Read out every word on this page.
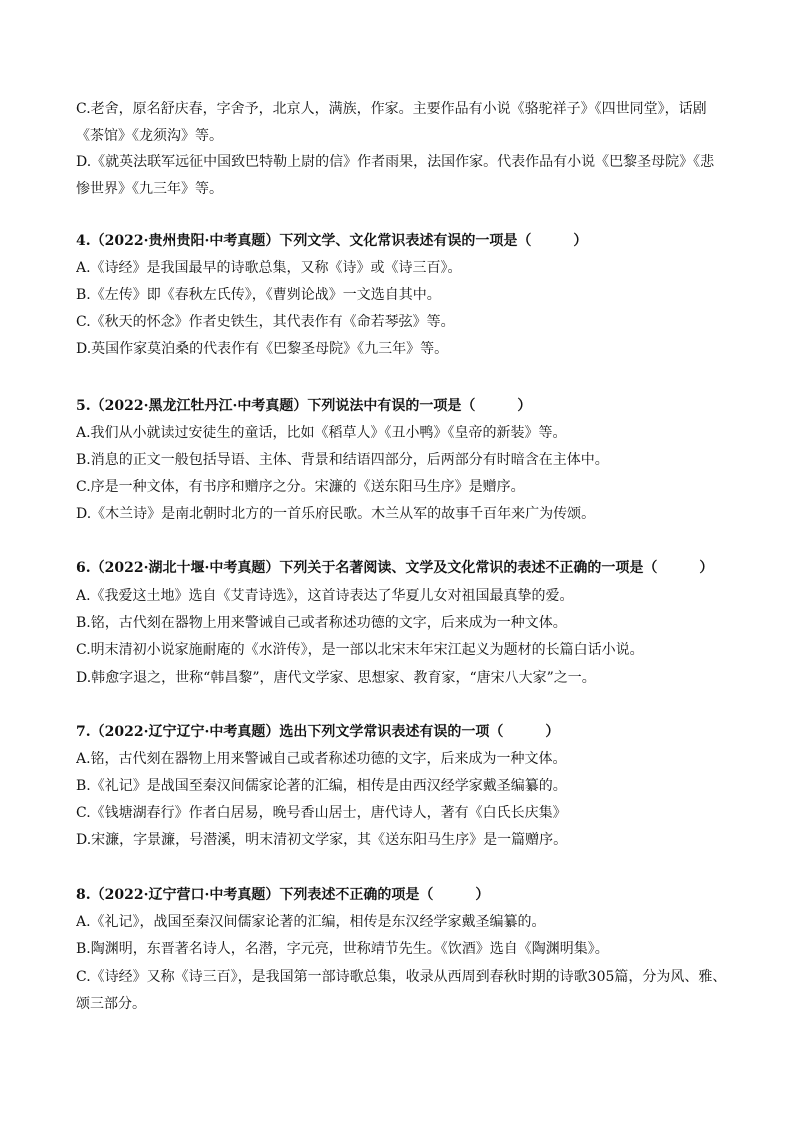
C.老舍，原名舒庆春，字舍予，北京人，满族，作家。主要作品有小说《骆驼祥子》《四世同堂》，话剧
《茶馆》《龙须沟》等。
D.《就英法联军远征中国致巴特勒上尉的信》作者雨果，法国作家。代表作品有小说《巴黎圣母院》《悲
惨世界》《九三年》等。
4.（2022·贵州贵阳·中考真题）下列文学、文化常识表述有误的一项是（　　　）
A.《诗经》是我国最早的诗歌总集，又称《诗》或《诗三百》。
B.《左传》即《春秋左氏传》，《曹刿论战》一文选自其中。
C.《秋天的怀念》作者史铁生，其代表作有《命若琴弦》等。
D.英国作家莫泊桑的代表作有《巴黎圣母院》《九三年》等。
5.（2022·黑龙江牡丹江·中考真题）下列说法中有误的一项是（　　　）
A.我们从小就读过安徒生的童话，比如《稻草人》《丑小鸭》《皇帝的新装》等。
B.消息的正文一般包括导语、主体、背景和结语四部分，后两部分有时暗含在主体中。
C.序是一种文体，有书序和赠序之分。宋濂的《送东阳马生序》是赠序。
D.《木兰诗》是南北朝时北方的一首乐府民歌。木兰从军的故事千百年来广为传颂。
6.（2022·湖北十堰·中考真题）下列关于名著阅读、文学及文化常识的表述不正确的一项是（　　　）
A.《我爱这土地》选自《艾青诗选》，这首诗表达了华夏儿女对祖国最真挚的爱。
B.铭，古代刻在器物上用来警诫自己或者称述功德的文字，后来成为一种文体。
C.明末清初小说家施耐庵的《水浒传》，是一部以北宋末年宋江起义为题材的长篇白话小说。
D.韩愈字退之，世称“韩昌黎”，唐代文学家、思想家、教育家，“唐宋八大家”之一。
7.（2022·辽宁辽宁·中考真题）选出下列文学常识表述有误的一项（　　　）
A.铭，古代刻在器物上用来警诫自己或者称述功德的文字，后来成为一种文体。
B.《礼记》是战国至秦汉间儒家论著的汇编，相传是由西汉经学家戴圣编纂的。
C.《钱塘湖春行》作者白居易，晚号香山居士，唐代诗人，著有《白氏长庆集》
D.宋濂，字景濂，号潜溪，明末清初文学家，其《送东阳马生序》是一篇赠序。
8.（2022·辽宁营口·中考真题）下列表述不正确的项是（　　　）
A.《礼记》，战国至秦汉间儒家论著的汇编，相传是东汉经学家戴圣编纂的。
B.陶渊明，东晋著名诗人，名潜，字元亮，世称靖节先生。《饮酒》选自《陶渊明集》。
C.《诗经》又称《诗三百》，是我国第一部诗歌总集，收录从西周到春秋时期的诗歌305篇，分为风、雅、
颂三部分。
